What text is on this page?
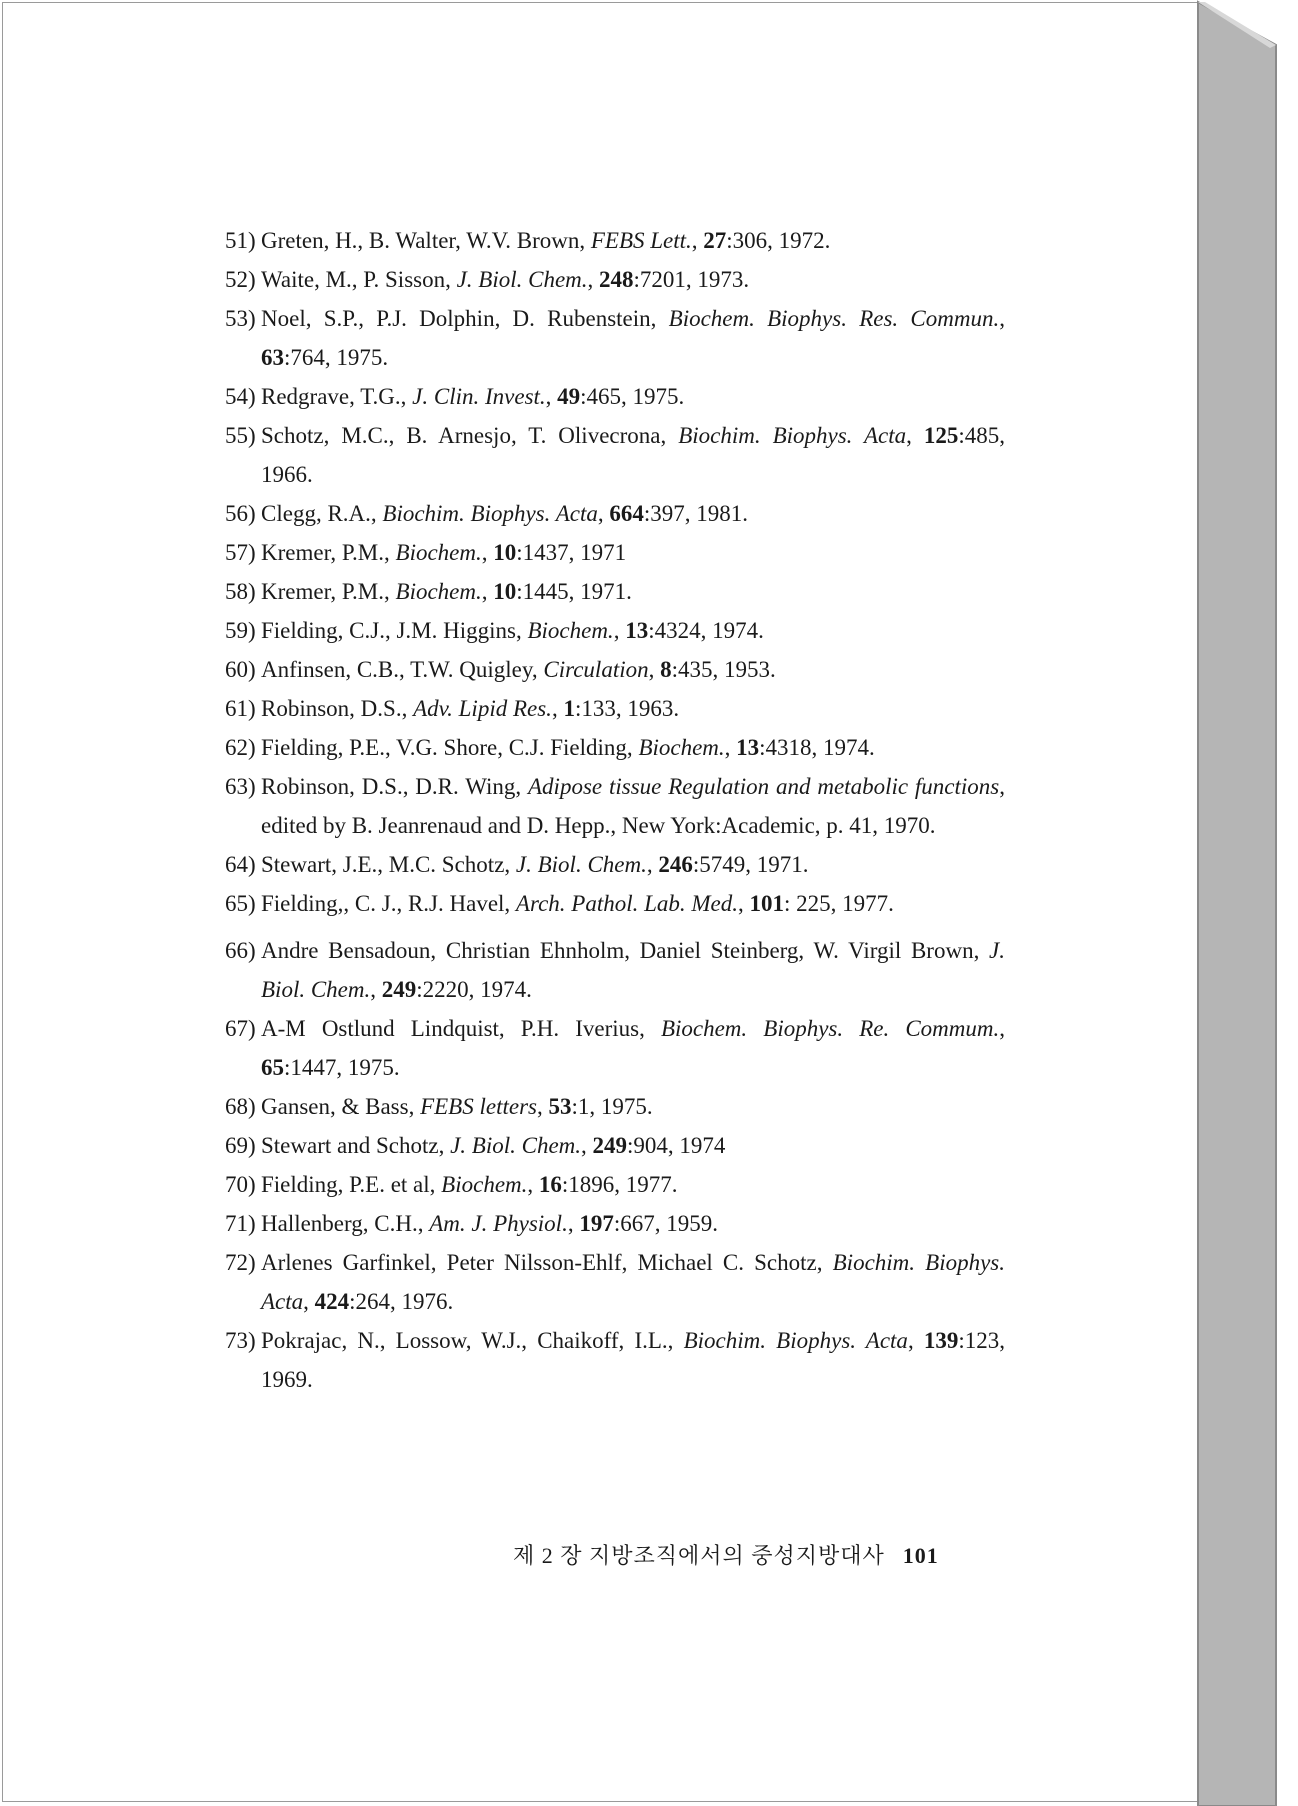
51) Greten, H., B. Walter, W.V. Brown, FEBS Lett., 27:306, 1972.
52) Waite, M., P. Sisson, J. Biol. Chem., 248:7201, 1973.
53) Noel, S.P., P.J. Dolphin, D. Rubenstein, Biochem. Biophys. Res. Commun., 63:764, 1975.
54) Redgrave, T.G., J. Clin. Invest., 49:465, 1975.
55) Schotz, M.C., B. Arnesjo, T. Olivecrona, Biochim. Biophys. Acta, 125:485, 1966.
56) Clegg, R.A., Biochim. Biophys. Acta, 664:397, 1981.
57) Kremer, P.M., Biochem., 10:1437, 1971
58) Kremer, P.M., Biochem., 10:1445, 1971.
59) Fielding, C.J., J.M. Higgins, Biochem., 13:4324, 1974.
60) Anfinsen, C.B., T.W. Quigley, Circulation, 8:435, 1953.
61) Robinson, D.S., Adv. Lipid Res., 1:133, 1963.
62) Fielding, P.E., V.G. Shore, C.J. Fielding, Biochem., 13:4318, 1974.
63) Robinson, D.S., D.R. Wing, Adipose tissue Regulation and metabolic functions, edited by B. Jeanrenaud and D. Hepp., New York:Academic, p. 41, 1970.
64) Stewart, J.E., M.C. Schotz, J. Biol. Chem., 246:5749, 1971.
65) Fielding,, C. J., R.J. Havel, Arch. Pathol. Lab. Med., 101: 225, 1977.
66) Andre Bensadoun, Christian Ehnholm, Daniel Steinberg, W. Virgil Brown, J. Biol. Chem., 249:2220, 1974.
67) A-M Ostlund Lindquist, P.H. Iverius, Biochem. Biophys. Re. Commum., 65:1447, 1975.
68) Gansen, & Bass, FEBS letters, 53:1, 1975.
69) Stewart and Schotz, J. Biol. Chem., 249:904, 1974
70) Fielding, P.E. et al, Biochem., 16:1896, 1977.
71) Hallenberg, C.H., Am. J. Physiol., 197:667, 1959.
72) Arlenes Garfinkel, Peter Nilsson-Ehlf, Michael C. Schotz, Biochim. Biophys. Acta, 424:264, 1976.
73) Pokrajac, N., Lossow, W.J., Chaikoff, I.L., Biochim. Biophys. Acta, 139:123, 1969.
제 2 장 지방조직에서의 중성지방대사 101
